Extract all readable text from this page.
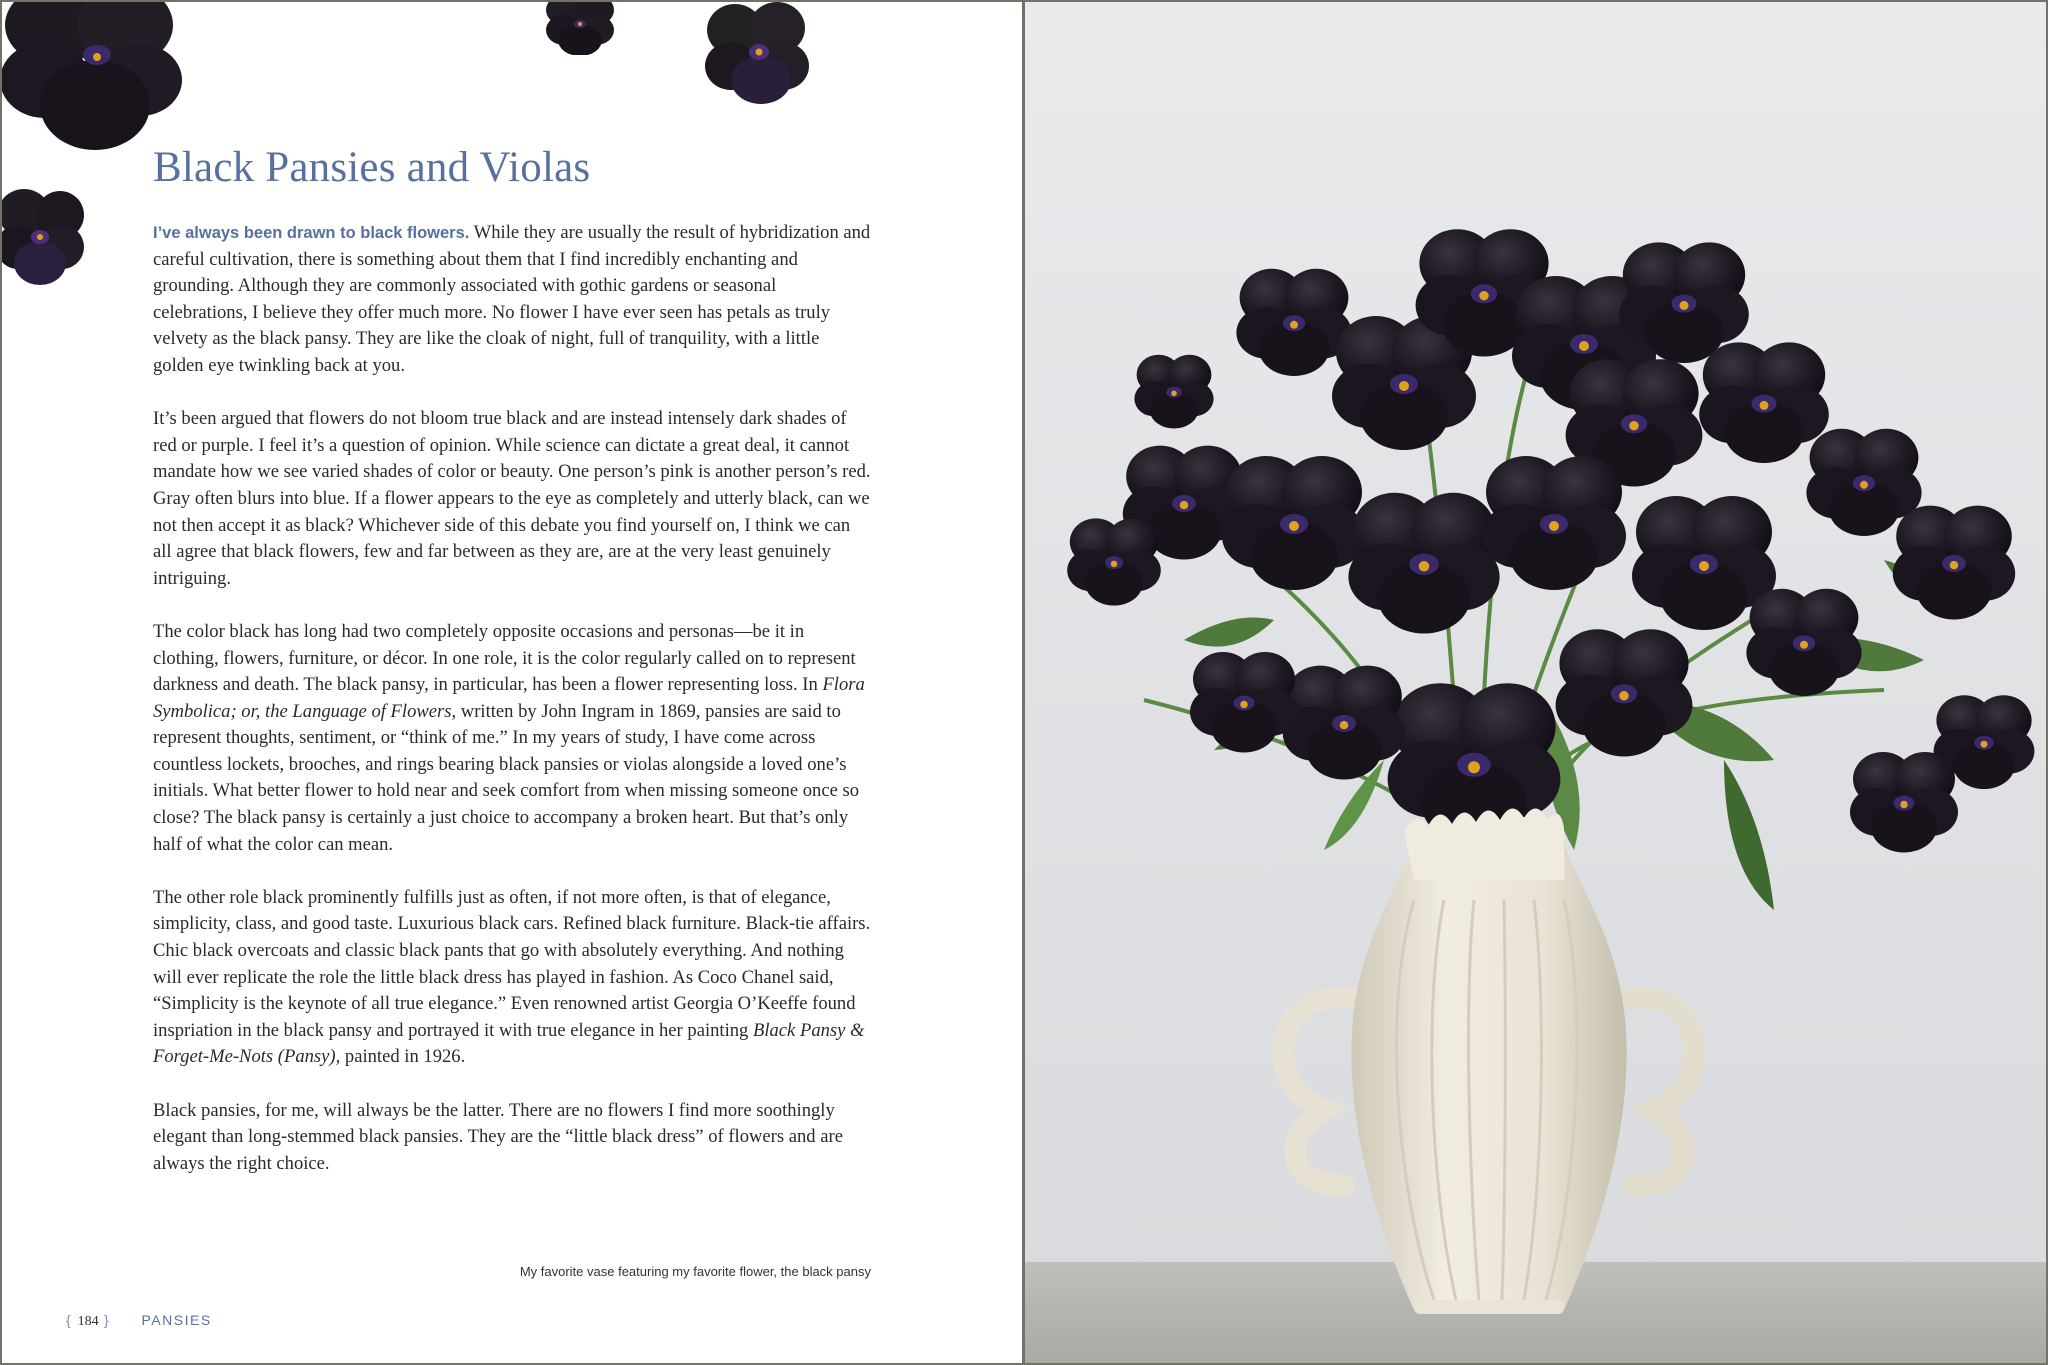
Black Pansies and Violas

I’ve always been drawn to black flowers. While they are usually the result of hybridization and careful cultivation, there is something about them that I find incredibly enchanting and grounding. Although they are commonly associated with gothic gardens or seasonal celebrations, I believe they offer much more. No flower I have ever seen has petals as truly velvety as the black pansy. They are like the cloak of night, full of tranquility, with a little golden eye twinkling back at you.

It’s been argued that flowers do not bloom true black and are instead intensely dark shades of red or purple. I feel it’s a question of opinion. While science can dictate a great deal, it cannot mandate how we see varied shades of color or beauty. One person’s pink is another person’s red. Gray often blurs into blue. If a flower appears to the eye as completely and utterly black, can we not then accept it as black? Whichever side of this debate you find yourself on, I think we can all agree that black flowers, few and far between as they are, are at the very least genuinely intriguing.

The color black has long had two completely opposite occasions and personas—be it in clothing, flowers, furniture, or décor. In one role, it is the color regularly called on to represent darkness and death. The black pansy, in particular, has been a flower representing loss. In Flora Symbolica; or, the Language of Flowers, written by John Ingram in 1869, pansies are said to represent thoughts, sentiment, or “think of me.” In my years of study, I have come across countless lockets, brooches, and rings bearing black pansies or violas alongside a loved one’s initials. What better flower to hold near and seek comfort from when missing someone once so close? The black pansy is certainly a just choice to accompany a broken heart. But that’s only half of what the color can mean.

The other role black prominently fulfills just as often, if not more often, is that of elegance, simplicity, class, and good taste. Luxurious black cars. Refined black furniture. Black-tie affairs. Chic black overcoats and classic black pants that go with absolutely everything. And nothing will ever replicate the role the little black dress has played in fashion. As Coco Chanel said, “Simplicity is the keynote of all true elegance.” Even renowned artist Georgia O’Keeffe found inspriation in the black pansy and portrayed it with true elegance in her painting Black Pansy & Forget-Me-Nots (Pansy), painted in 1926.

Black pansies, for me, will always be the latter. There are no flowers I find more soothingly elegant than long-stemmed black pansies. They are the “little black dress” of flowers and are always the right choice.

My favorite vase featuring my favorite flower, the black pansy
{ 184 } PANSIES
